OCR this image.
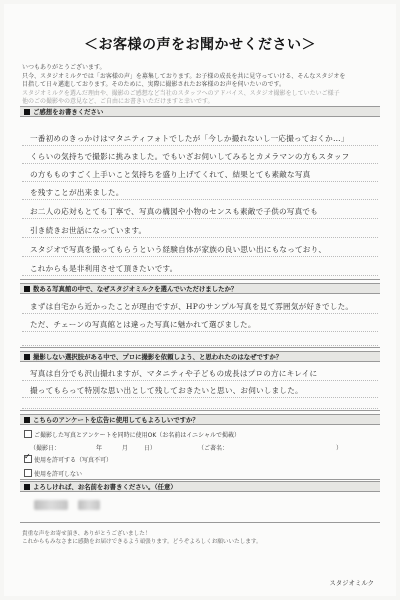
＜お客様の声をお聞かせください＞
いつもありがとうございます。
只今、スタジオミルクでは「お客様の声」を募集しております。お子様の成長を共に見守っていける、そんなスタジオを
目指して日々邁進しております。そのために、実際に撮影されたお客様のお声を伺いたいのです。
スタジオミルクを選んだ理由や、撮影のご感想など当社のスタッフへのアドバイス、スタジオ撮影をしていたいご様子
他のごの撮影やの意見など、ご自由にお書きいただけますと幸いです。
ご感想をお書きください
一番初めのきっかけはマタニティフォトでしたが「今しか撮れないし一応撮っておくか…」
くらいの気持ちで撮影に挑みました。でもいざお伺いしてみるとカメラマンの方もスタッフ
の方もものすごく上手いこと気持ちを盛り上げてくれて、結果とても素敵な写真
を残すことが出来ました。
お二人の応対もとても丁寧で、写真の構図や小物のセンスも素敵で子供の写真でも
引き続きお世話になっています。
スタジオで写真を撮ってもらうという経験自体が家族の良い思い出にもなっており、
これからも是非利用させて頂きたいです。
数ある写真館の中で、なぜスタジオミルクを選んでいただけましたか？
まずは自宅から近かったことが理由ですが、HPのサンプル写真を見て雰囲気が好きでした。
ただ、チェーンの写真館とは違った写真に魅かれて選びました。
撮影しない選択肢がある中で、プロに撮影を依頼しよう、と思われたのはなぜですか？
写真は自分でも沢山撮れますが、マタニティや子どもの成長はプロの方にキレイに
撮ってもらって特別な思い出として残しておきたいと思い、お伺いしました。
こちらのアンケートを広告に使用してもよろしいですか？
ご撮影した写真とアンケートを同時に使用OK（お名前はイニシャルで掲載）
（撮影日：	年	月	日）	（ご著名：	）
✓使用を許可する（写真不可）
使用を許可しない
よろしければ、お名前をお書きください。（任意）
貴重な声をお寄せ頂き、ありがとうございました！
これからもみなさまに感動をお届けできるよう頑張ります。どうぞよろしくお願いいたします。
スタジオミルク
